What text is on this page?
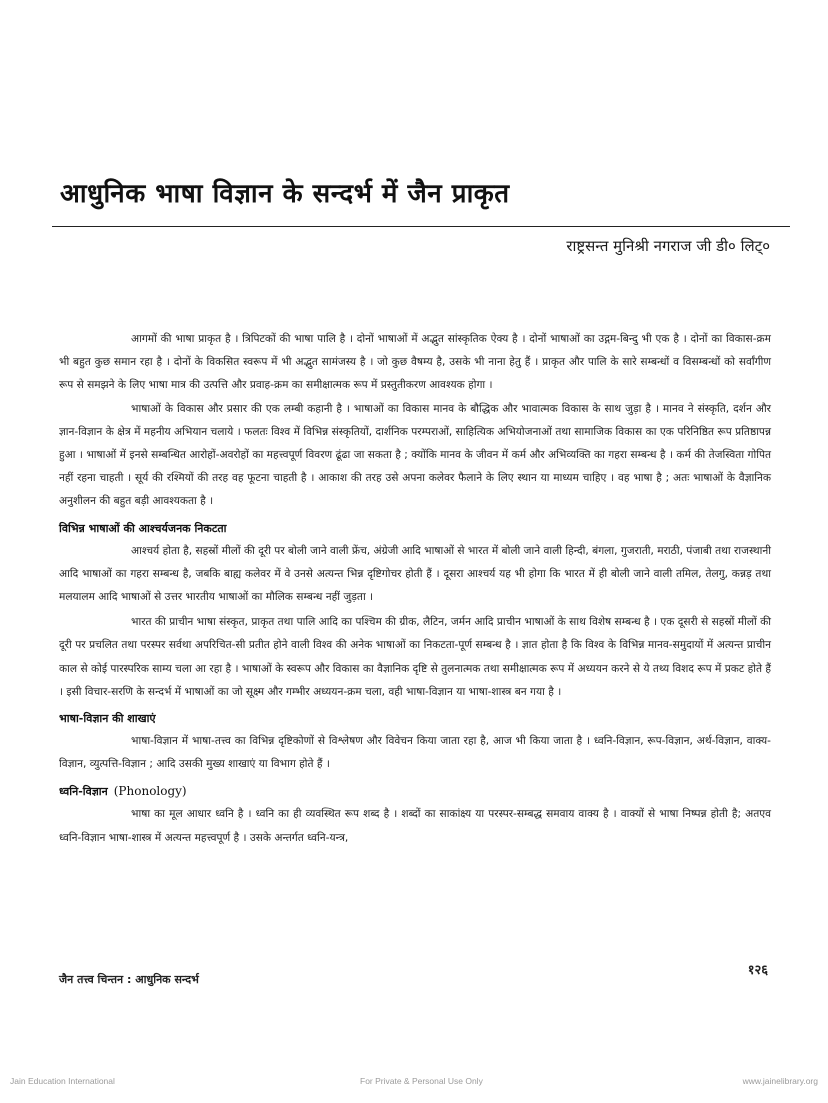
आधुनिक भाषा विज्ञान के सन्दर्भ में जैन प्राकृत
राष्ट्रसन्त मुनिश्री नगराज जी डी० लिट्०

आगमों की भाषा प्राकृत है । त्रिपिटकों की भाषा पालि है । दोनों भाषाओं में अद्भुत सांस्कृतिक ऐक्य है । दोनों भाषाओं का उद्गम-बिन्दु भी एक है । दोनों का विकास-क्रम भी बहुत कुछ समान रहा है । दोनों के विकसित स्वरूप में भी अद्भुत सामंजस्य है । जो कुछ वैषम्य है, उसके भी नाना हेतु हैं । प्राकृत और पालि के सारे सम्बन्धों व विसम्बन्धों को सर्वांगीण रूप से समझने के लिए भाषा मात्र की उत्पत्ति और प्रवाह-क्रम का समीक्षात्मक रूप में प्रस्तुतीकरण आवश्यक होगा ।

भाषाओं के विकास और प्रसार की एक लम्बी कहानी है । भाषाओं का विकास मानव के बौद्धिक और भावात्मक विकास के साथ जुड़ा है । मानव ने संस्कृति, दर्शन और ज्ञान-विज्ञान के क्षेत्र में महनीय अभियान चलाये । फलतः विश्व में विभिन्न संस्कृतियों, दार्शनिक परम्पराओं, साहित्यिक अभियोजनाओं तथा सामाजिक विकास का एक परिनिष्ठित रूप प्रतिष्ठापन्न हुआ । भाषाओं में इनसे सम्बन्धित आरोहों-अवरोहों का महत्त्वपूर्ण विवरण ढूंढा जा सकता है ; क्योंकि मानव के जीवन में कर्म और अभिव्यक्ति का गहरा सम्बन्ध है । कर्म की तेजस्विता गोपित नहीं रहना चाहती । सूर्य की रश्मियों की तरह वह फूटना चाहती है । आकाश की तरह उसे अपना कलेवर फैलाने के लिए स्थान या माध्यम चाहिए । वह भाषा है ; अतः भाषाओं के वैज्ञानिक अनुशीलन की बहुत बड़ी आवश्यकता है ।

विभिन्न भाषाओं की आश्चर्यजनक निकटता

आश्चर्य होता है, सहस्रों मीलों की दूरी पर बोली जाने वाली फ्रेंच, अंग्रेजी आदि भाषाओं से भारत में बोली जाने वाली हिन्दी, बंगला, गुजराती, मराठी, पंजाबी तथा राजस्थानी आदि भाषाओं का गहरा सम्बन्ध है, जबकि बाह्य कलेवर में वे उनसे अत्यन्त भिन्न दृष्टिगोचर होती हैं । दूसरा आश्चर्य यह भी होगा कि भारत में ही बोली जाने वाली तमिल, तेलगु, कन्नड़ तथा मलयालम आदि भाषाओं से उत्तर भारतीय भाषाओं का मौलिक सम्बन्ध नहीं जुड़ता ।

भारत की प्राचीन भाषा संस्कृत, प्राकृत तथा पालि आदि का पश्चिम की ग्रीक, लैटिन, जर्मन आदि प्राचीन भाषाओं के साथ विशेष सम्बन्ध है । एक दूसरी से सहस्रों मीलों की दूरी पर प्रचलित तथा परस्पर सर्वथा अपरिचित-सी प्रतीत होने वाली विश्व की अनेक भाषाओं का निकटता-पूर्ण सम्बन्ध है । ज्ञात होता है कि विश्व के विभिन्न मानव-समुदायों में अत्यन्त प्राचीन काल से कोई पारस्परिक साम्य चला आ रहा है । भाषाओं के स्वरूप और विकास का वैज्ञानिक दृष्टि से तुलनात्मक तथा समीक्षात्मक रूप में अध्ययन करने से ये तथ्य विशद रूप में प्रकट होते हैं । इसी विचार-सरणि के सन्दर्भ में भाषाओं का जो सूक्ष्म और गम्भीर अध्ययन-क्रम चला, वही भाषा-विज्ञान या भाषा-शास्त्र बन गया है ।

भाषा-विज्ञान की शाखाएं

भाषा-विज्ञान में भाषा-तत्त्व का विभिन्न दृष्टिकोणों से विश्लेषण और विवेचन किया जाता रहा है, आज भी किया जाता है । ध्वनि-विज्ञान, रूप-विज्ञान, अर्थ-विज्ञान, वाक्य-विज्ञान, व्युत्पत्ति-विज्ञान ; आदि उसकी मुख्य शाखाएं या विभाग होते हैं ।

ध्वनि-विज्ञान (Phonology)

भाषा का मूल आधार ध्वनि है । ध्वनि का ही व्यवस्थित रूप शब्द है । शब्दों का साकांक्ष्य या परस्पर-सम्बद्ध समवाय वाक्य है । वाक्यों से भाषा निष्पन्न होती है; अतएव ध्वनि-विज्ञान भाषा-शास्त्र में अत्यन्त महत्त्वपूर्ण है । उसके अन्तर्गत ध्वनि-यन्त्र,

१२६
जैन तत्त्व चिन्तन : आधुनिक सन्दर्भ
Jain Education International	For Private & Personal Use Only	www.jainelibrary.org
